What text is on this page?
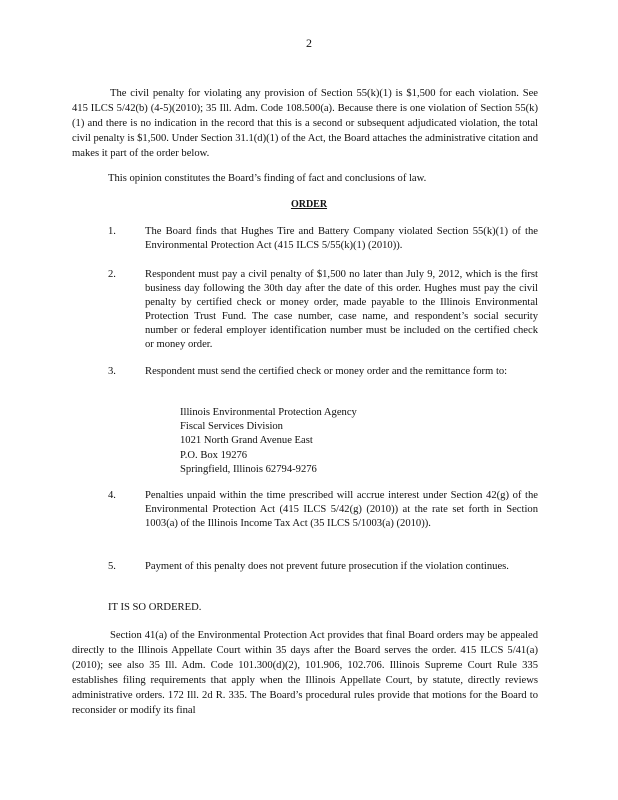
2

The civil penalty for violating any provision of Section 55(k)(1) is $1,500 for each violation. See 415 ILCS 5/42(b) (4-5)(2010); 35 Ill. Adm. Code 108.500(a). Because there is one violation of Section 55(k)(1) and there is no indication in the record that this is a second or subsequent adjudicated violation, the total civil penalty is $1,500. Under Section 31.1(d)(1) of the Act, the Board attaches the administrative citation and makes it part of the order below.

This opinion constitutes the Board’s finding of fact and conclusions of law.

ORDER
1.	The Board finds that Hughes Tire and Battery Company violated Section 55(k)(1) of the Environmental Protection Act (415 ILCS 5/55(k)(1) (2010)).

2.	Respondent must pay a civil penalty of $1,500 no later than July 9, 2012, which is the first business day following the 30th day after the date of this order. Hughes must pay the civil penalty by certified check or money order, made payable to the Illinois Environmental Protection Trust Fund. The case number, case name, and respondent’s social security number or federal employer identification number must be included on the certified check or money order.

3.	Respondent must send the certified check or money order and the remittance form to:

Illinois Environmental Protection Agency
Fiscal Services Division
1021 North Grand Avenue East
P.O. Box 19276
Springfield, Illinois 62794-9276
4.	Penalties unpaid within the time prescribed will accrue interest under Section 42(g) of the Environmental Protection Act (415 ILCS 5/42(g) (2010)) at the rate set forth in Section 1003(a) of the Illinois Income Tax Act (35 ILCS 5/1003(a) (2010)).

5.	Payment of this penalty does not prevent future prosecution if the violation continues.

IT IS SO ORDERED.

Section 41(a) of the Environmental Protection Act provides that final Board orders may be appealed directly to the Illinois Appellate Court within 35 days after the Board serves the order. 415 ILCS 5/41(a) (2010); see also 35 Ill. Adm. Code 101.300(d)(2), 101.906, 102.706. Illinois Supreme Court Rule 335 establishes filing requirements that apply when the Illinois Appellate Court, by statute, directly reviews administrative orders. 172 Ill. 2d R. 335. The Board’s procedural rules provide that motions for the Board to reconsider or modify its final
